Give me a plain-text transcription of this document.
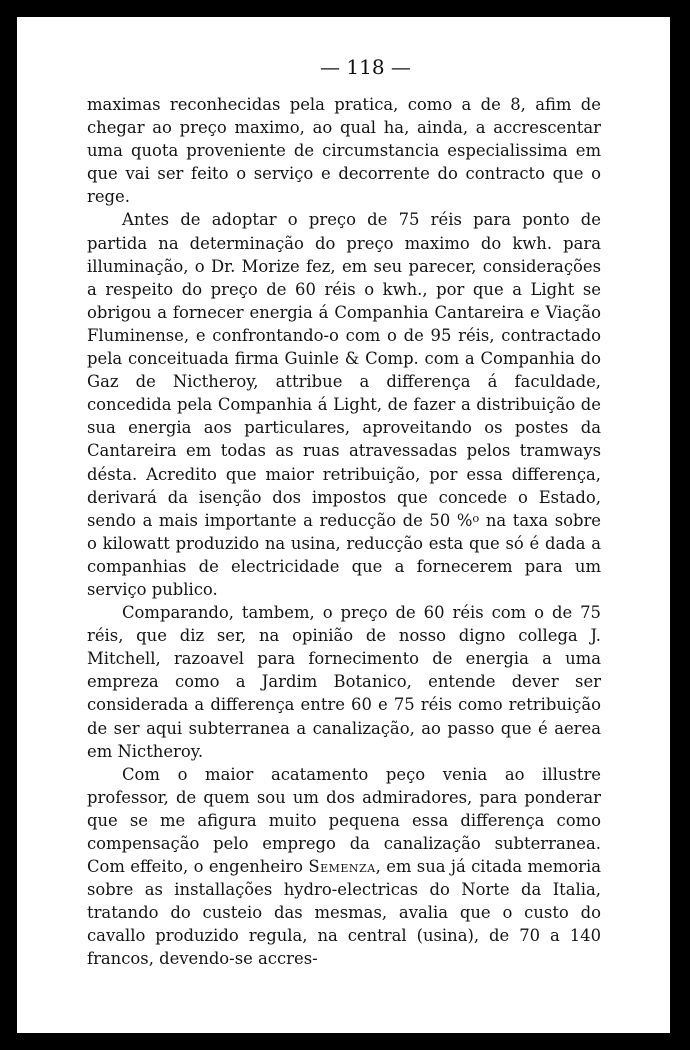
— 118 —

maximas reconhecidas pela pratica, como a de 8, afim de chegar ao preço maximo, ao qual ha, ainda, a accrescentar uma quota proveniente de circumstancia especialissima em que vai ser feito o serviço e decorrente do contracto que o rege.

Antes de adoptar o preço de 75 réis para ponto de partida na determinação do preço maximo do kwh. para illuminação, o Dr. Morize fez, em seu parecer, considerações a respeito do preço de 60 réis o kwh., por que a Light se obrigou a fornecer energia á Companhia Cantareira e Viação Fluminense, e confrontando-o com o de 95 réis, contractado pela conceituada firma Guinle & Comp. com a Companhia do Gaz de Nictheroy, attribue a differença á faculdade, concedida pela Companhia á Light, de fazer a distribuição de sua energia aos particulares, aproveitando os postes da Cantareira em todas as ruas atravessadas pelos tramways désta. Acredito que maior retribuição, por essa differença, derivará da isenção dos impostos que concede o Estado, sendo a mais importante a reducção de 50 %$^o$ na taxa sobre o kilowatt produzido na usina, reducção esta que só é dada a companhias de electricidade que a fornecerem para um serviço publico.

Comparando, tambem, o preço de 60 réis com o de 75 réis, que diz ser, na opinião de nosso digno collega J. Mitchell, razoavel para fornecimento de energia a uma empreza como a Jardim Botanico, entende dever ser considerada a differença entre 60 e 75 réis como retribuição de ser aqui subterranea a canalização, ao passo que é aerea em Nictheroy.

Com o maior acatamento peço venia ao illustre professor, de quem sou um dos admiradores, para ponderar que se me afigura muito pequena essa differença como compensação pelo emprego da canalização subterranea. Com effeito, o engenheiro Semenza, em sua já citada memoria sobre as installações hydro-electricas do Norte da Italia, tratando do custeio das mesmas, avalia que o custo do cavallo produzido regula, na central (usina), de 70 a 140 francos, devendo-se accres-
